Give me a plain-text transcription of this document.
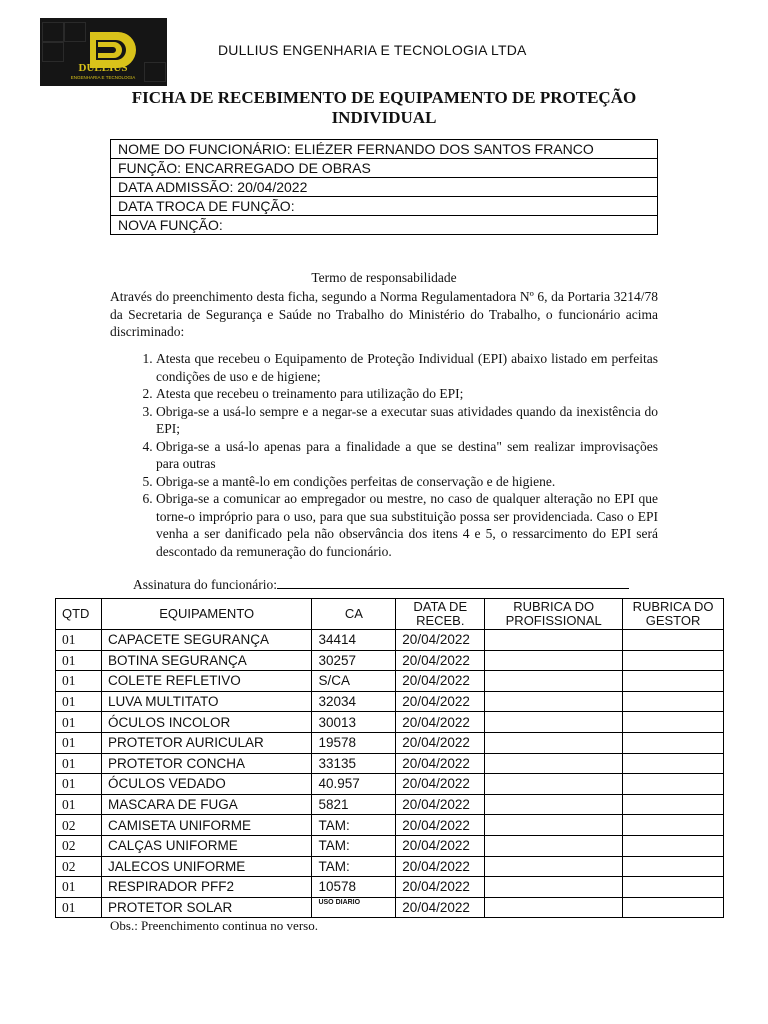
DULLIUS
ENGENHARIA E TECNOLOGIA
DULLIUS ENGENHARIA E TECNOLOGIA LTDA
FICHA DE RECEBIMENTO DE EQUIPAMENTO DE PROTEÇÃO INDIVIDUAL
NOME DO FUNCIONÁRIO: ELIÉZER FERNANDO DOS SANTOS FRANCO
FUNÇÃO: ENCARREGADO DE OBRAS
DATA ADMISSÃO: 20/04/2022
DATA TROCA DE FUNÇÃO:
NOVA FUNÇÃO:
Termo de responsabilidade
Através do preenchimento desta ficha, segundo a Norma Regulamentadora Nº 6, da Portaria 3214/78 da Secretaria de Segurança e Saúde no Trabalho do Ministério do Trabalho, o funcionário acima discriminado:
1. Atesta que recebeu o Equipamento de Proteção Individual (EPI) abaixo listado em perfeitas condições de uso e de higiene;
2. Atesta que recebeu o treinamento para utilização do EPI;
3. Obriga-se a usá-lo sempre e a negar-se a executar suas atividades quando da inexistência do EPI;
4. Obriga-se a usá-lo apenas para a finalidade a que se destina" sem realizar improvisações para outras
5. Obriga-se a mantê-lo em condições perfeitas de conservação e de higiene.
6. Obriga-se a comunicar ao empregador ou mestre, no caso de qualquer alteração no EPI que torne-o impróprio para o uso, para que sua substituição possa ser providenciada. Caso o EPI venha a ser danificado pela não observância dos itens 4 e 5, o ressarcimento do EPI será descontado da remuneração do funcionário.
Assinatura do funcionário:
QTD	EQUIPAMENTO	CA	DATA DE RECEB.	RUBRICA DO PROFISSIONAL	RUBRICA DO GESTOR
01	CAPACETE SEGURANÇA	34414	20/04/2022		
01	BOTINA SEGURANÇA	30257	20/04/2022		
01	COLETE REFLETIVO	S/CA	20/04/2022		
01	LUVA MULTITATO	32034	20/04/2022		
01	ÓCULOS INCOLOR	30013	20/04/2022		
01	PROTETOR AURICULAR	19578	20/04/2022		
01	PROTETOR CONCHA	33135	20/04/2022		
01	ÓCULOS VEDADO	40.957	20/04/2022		
01	MASCARA DE FUGA	5821	20/04/2022		
02	CAMISETA UNIFORME	TAM:	20/04/2022		
02	CALÇAS UNIFORME	TAM:	20/04/2022		
02	JALECOS UNIFORME	TAM:	20/04/2022		
01	RESPIRADOR PFF2	10578	20/04/2022		
01	PROTETOR SOLAR	USO DIARIO	20/04/2022		
Obs.: Preenchimento continua no verso.
